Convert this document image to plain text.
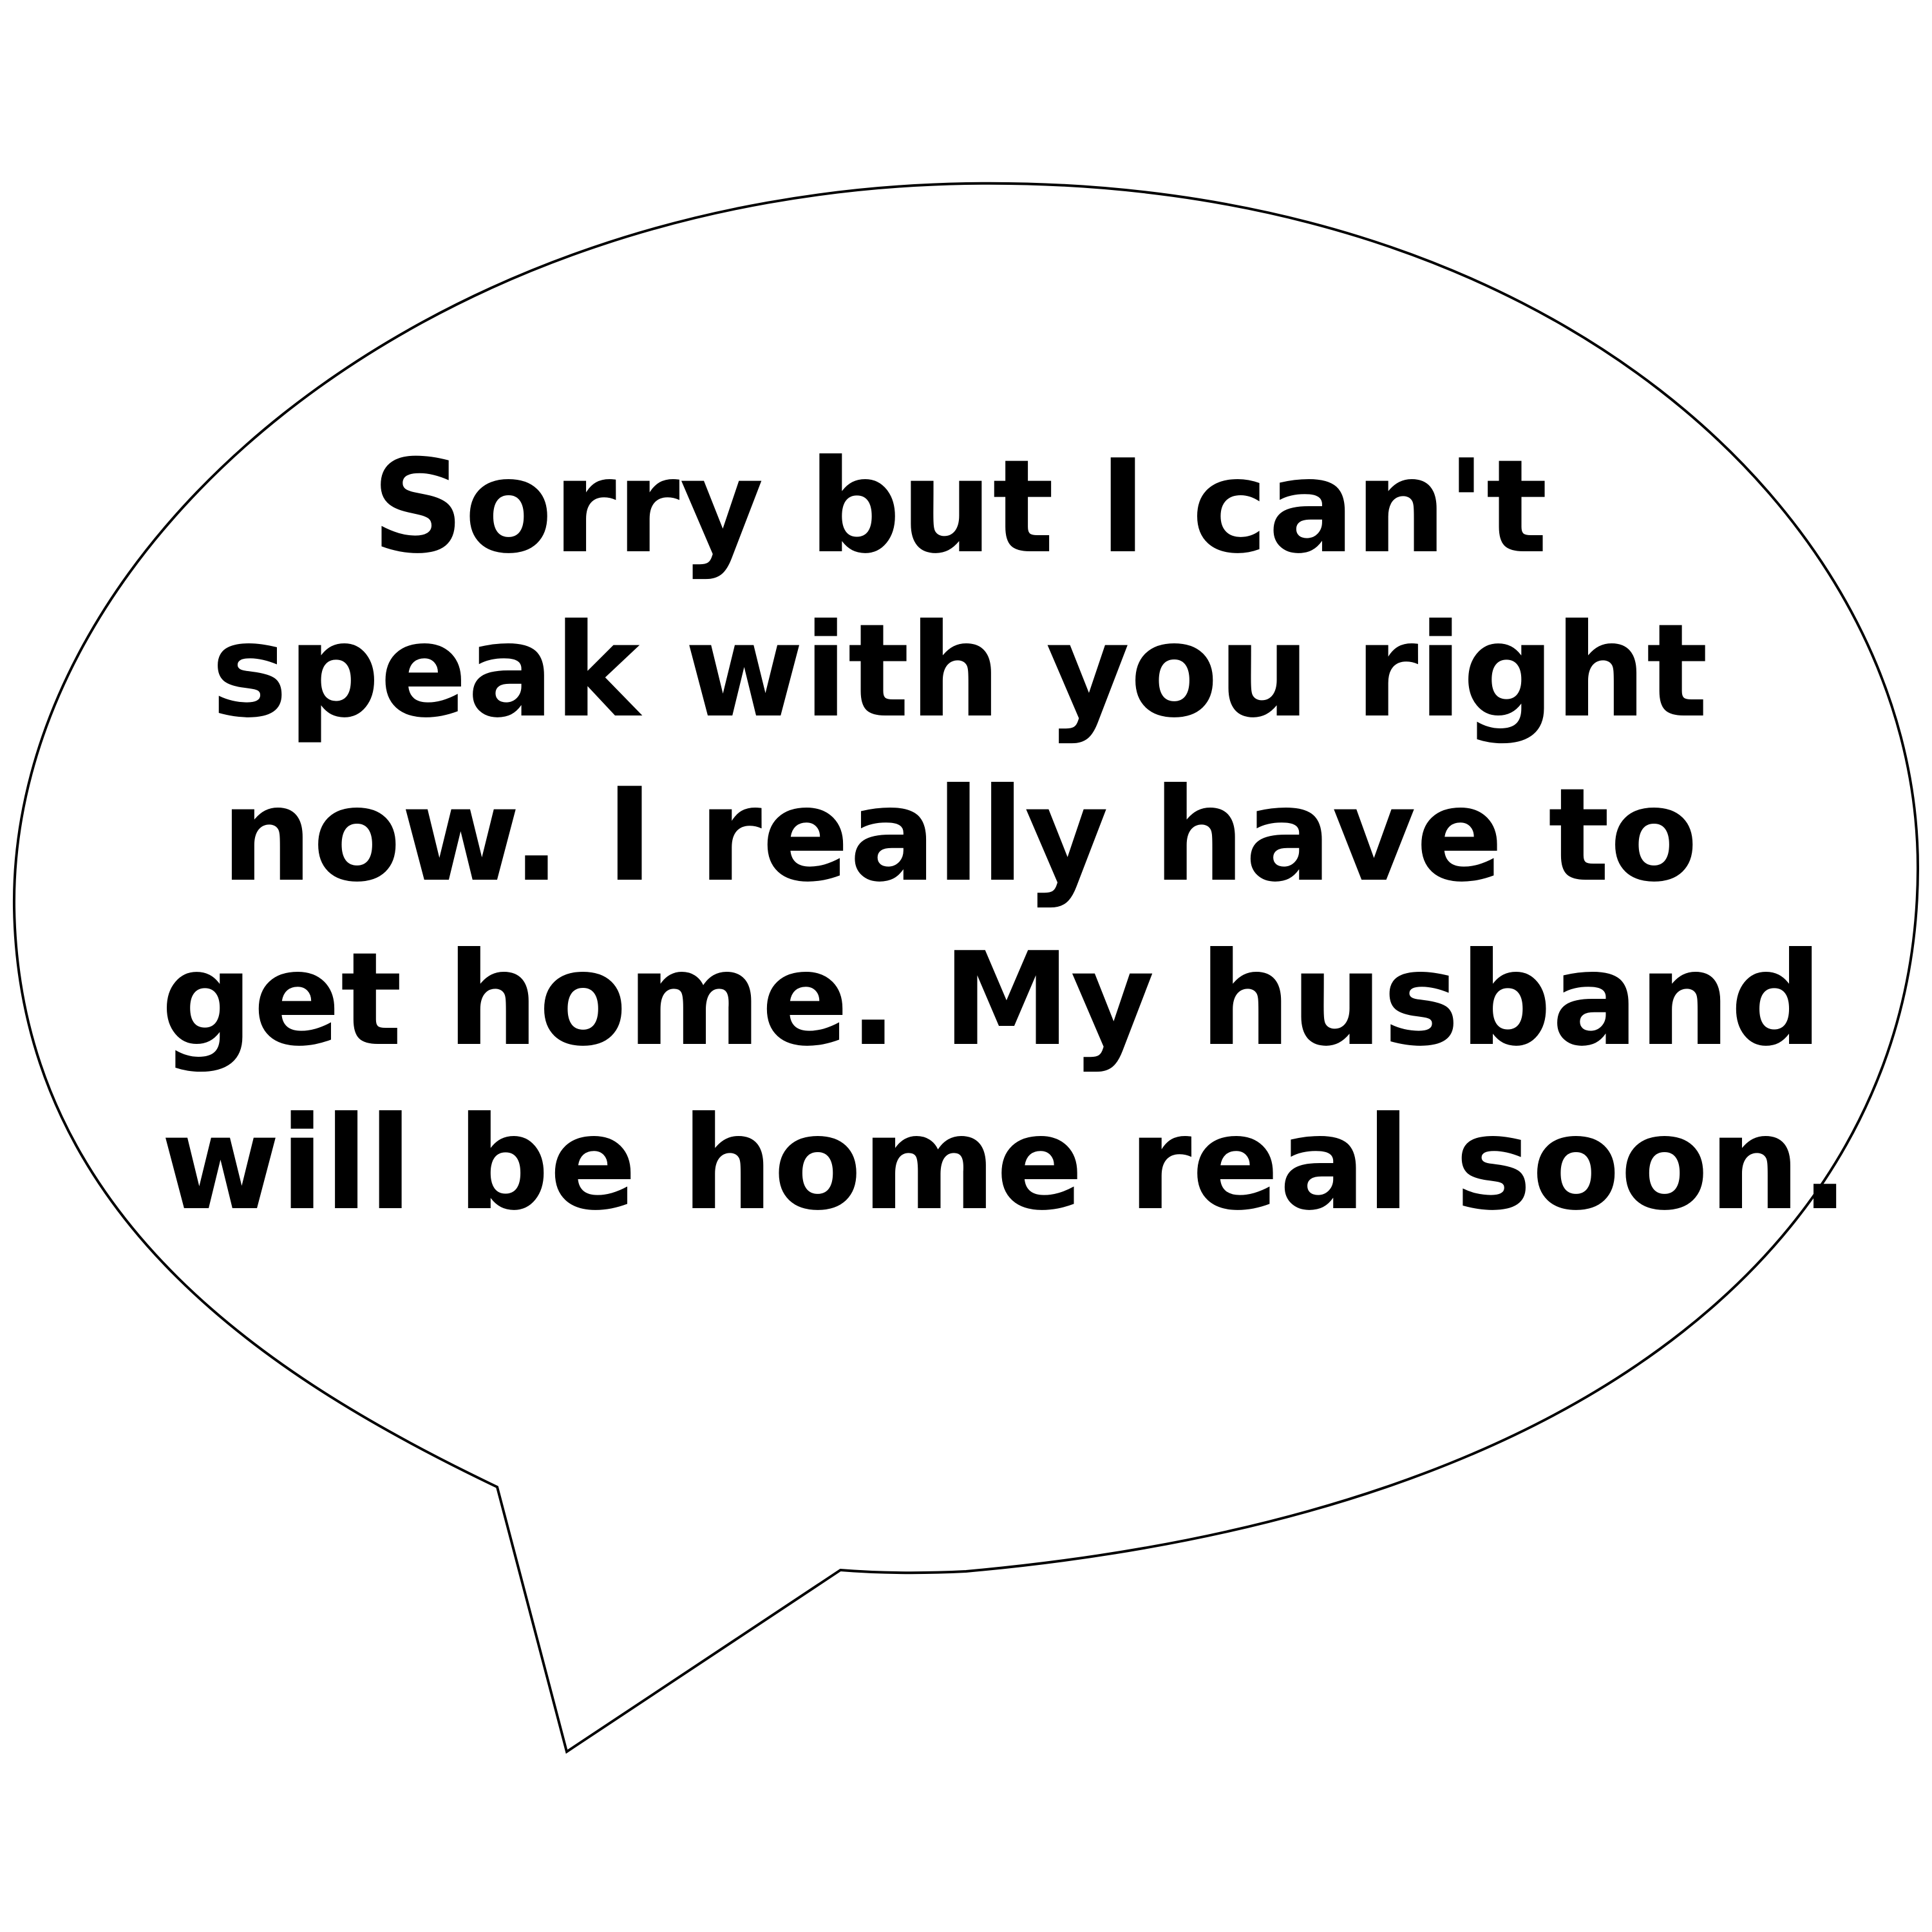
Sorry but I can't
speak with you right
now. I really have to
get home. My husband
will be home real soon.
